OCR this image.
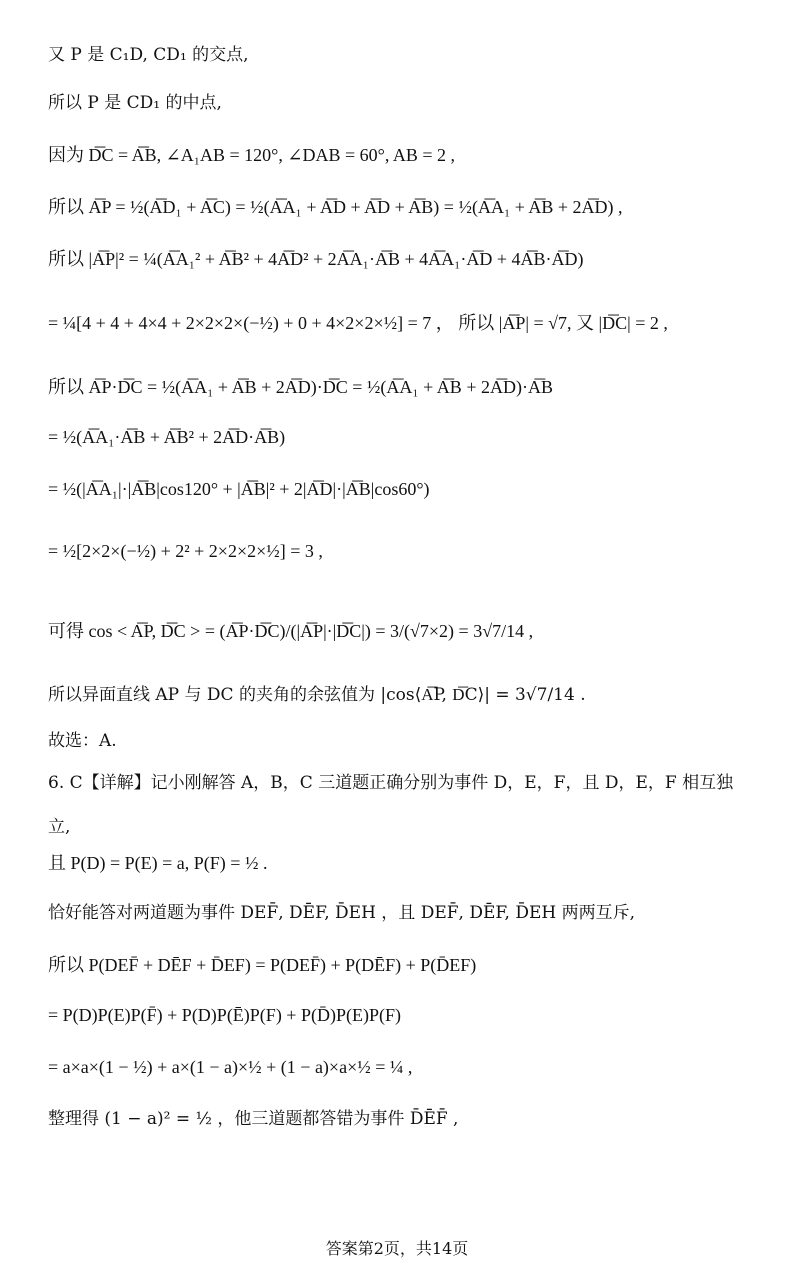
又 P 是 C₁D, CD₁ 的交点,
所以 P 是 CD₁ 的中点,
因为 D͞C = A͞B, ∠A₁AB = 120°, ∠DAB = 60°, AB = 2 ,
所以 A͞P = ½(A͞D₁ + A͞C) = ½(A͞A₁ + A͞D + A͞D + A͞B) = ½(A͞A₁ + A͞B + 2A͞D) ,
所以 |A͞P|² = ¼(A͞A₁² + A͞B² + 4A͞D² + 2A͞A₁·A͞B + 4A͞A₁·A͞D + 4A͞B·A͞D)
= ¼[4 + 4 + 4×4 + 2×2×2×(−½) + 0 + 4×2×2×½] = 7 ， 所以 |A͞P| = √7, 又 |D͞C| = 2 ,
所以 A͞P·D͞C = ½(A͞A₁ + A͞B + 2A͞D)·D͞C = ½(A͞A₁ + A͞B + 2A͞D)·A͞B
= ½(A͞A₁·A͞B + A͞B² + 2A͞D·A͞B)
= ½(|A͞A₁|·|A͞B|cos120° + |A͞B|² + 2|A͞D|·|A͞B|cos60°)
= ½[2×2×(−½) + 2² + 2×2×2×½] = 3 ,
可得 cos < A͞P, D͞C > = (A͞P·D͞C)/(|A͞P|·|D͞C|) = 3/(√7×2) = 3√7/14 ,
所以异面直线 AP 与 DC 的夹角的余弦值为 |cos⟨A͞P, D͞C⟩| = 3√7/14 .
故选：A.
6. C【详解】记小刚解答 A，B，C 三道题正确分别为事件 D，E，F，且 D，E，F 相互独
立,
且 P(D) = P(E) = a, P(F) = ½ .
恰好能答对两道题为事件 DEF̄, DĒF, D̄EH ，且 DEF̄, DĒF, D̄EH 两两互斥,
所以 P(DEF̄ + DĒF + D̄EF) = P(DEF̄) + P(DĒF) + P(D̄EF)
= P(D)P(E)P(F̄) + P(D)P(Ē)P(F) + P(D̄)P(E)P(F)
= a×a×(1 − ½) + a×(1 − a)×½ + (1 − a)×a×½ = ¼ ,
整理得 (1 − a)² = ½ ，他三道题都答错为事件 D̄ĒF̄ ,
答案第2页，共14页
